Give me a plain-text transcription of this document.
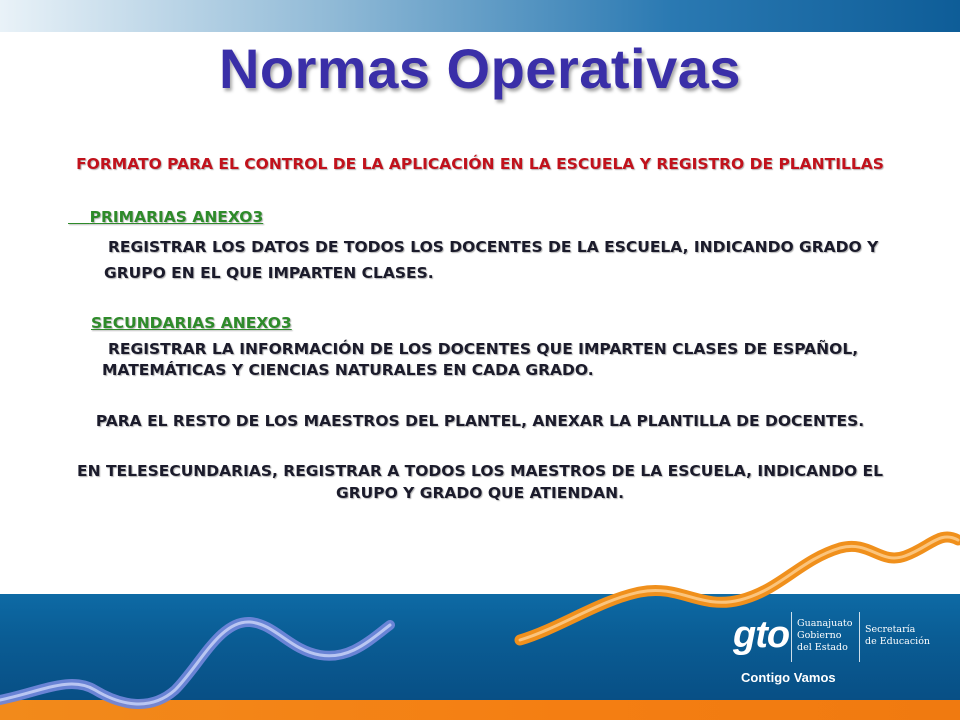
Normas Operativas

FORMATO PARA EL CONTROL DE LA APLICACIÓN EN LA ESCUELA Y REGISTRO DE PLANTILLAS

PRIMARIAS ANEXO3

REGISTRAR LOS DATOS DE TODOS LOS DOCENTES DE LA ESCUELA, INDICANDO GRADO Y

GRUPO EN EL QUE IMPARTEN CLASES.

SECUNDARIAS ANEXO3

REGISTRAR LA INFORMACIÓN DE LOS DOCENTES QUE IMPARTEN CLASES DE ESPAÑOL,

MATEMÁTICAS Y CIENCIAS NATURALES EN CADA GRADO.

PARA EL RESTO DE LOS MAESTROS DEL PLANTEL, ANEXAR LA PLANTILLA DE DOCENTES.

EN TELESECUNDARIAS, REGISTRAR A TODOS LOS MAESTROS DE LA ESCUELA, INDICANDO EL

GRUPO Y GRADO QUE ATIENDAN.

gto Guanajuato
Gobierno
del Estado
Secretaría
de Educación
Contigo Vamos
